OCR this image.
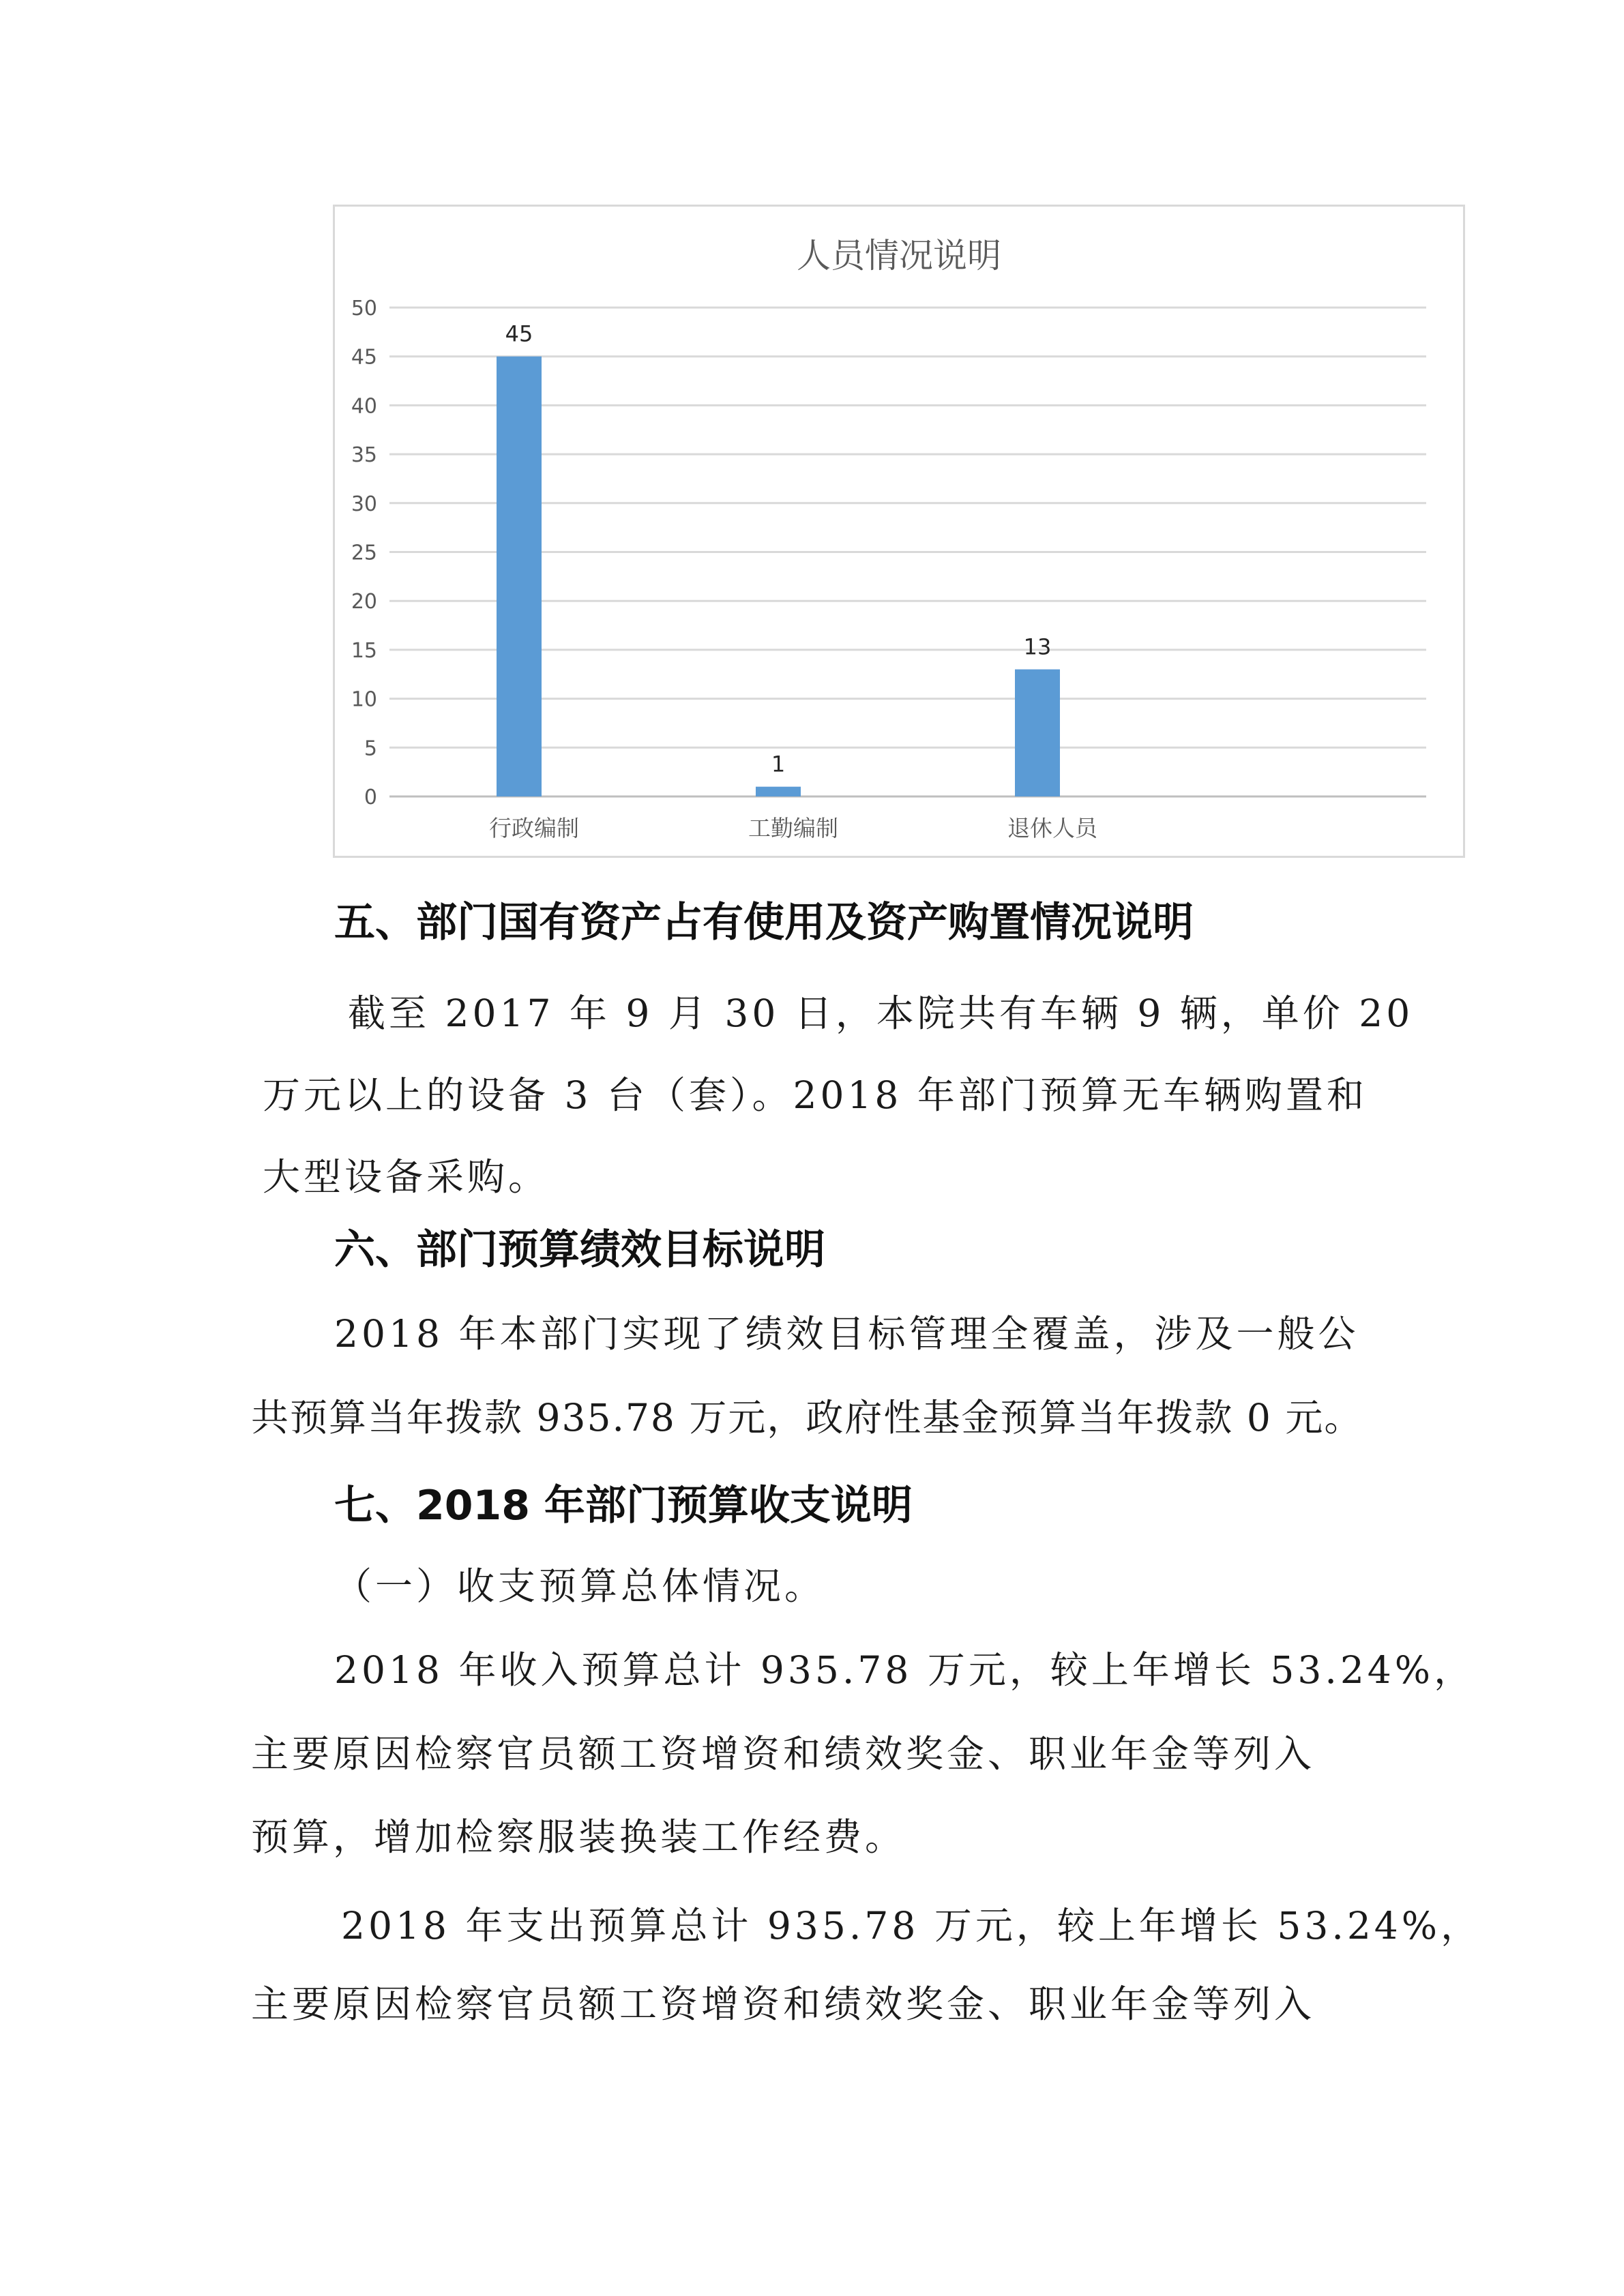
人员情况说明
0
5
10
15
20
25
30
35
40
45
50
45
行政编制
1
工勤编制
13
退休人员
五、部门国有资产占有使用及资产购置情况说明
截至 2017 年 9 月 30 日，本院共有车辆 9 辆，单价 20
万元以上的设备 3 台（套）。2018 年部门预算无车辆购置和
大型设备采购。
六、部门预算绩效目标说明
2018 年本部门实现了绩效目标管理全覆盖，涉及一般公
共预算当年拨款 935.78 万元，政府性基金预算当年拨款 0 元。
七、2018 年部门预算收支说明
（一）收支预算总体情况。
2018 年收入预算总计 935.78 万元，较上年增长 53.24%，
主要原因检察官员额工资增资和绩效奖金、职业年金等列入
预算，增加检察服装换装工作经费。
2018 年支出预算总计 935.78 万元，较上年增长 53.24%，
主要原因检察官员额工资增资和绩效奖金、职业年金等列入
